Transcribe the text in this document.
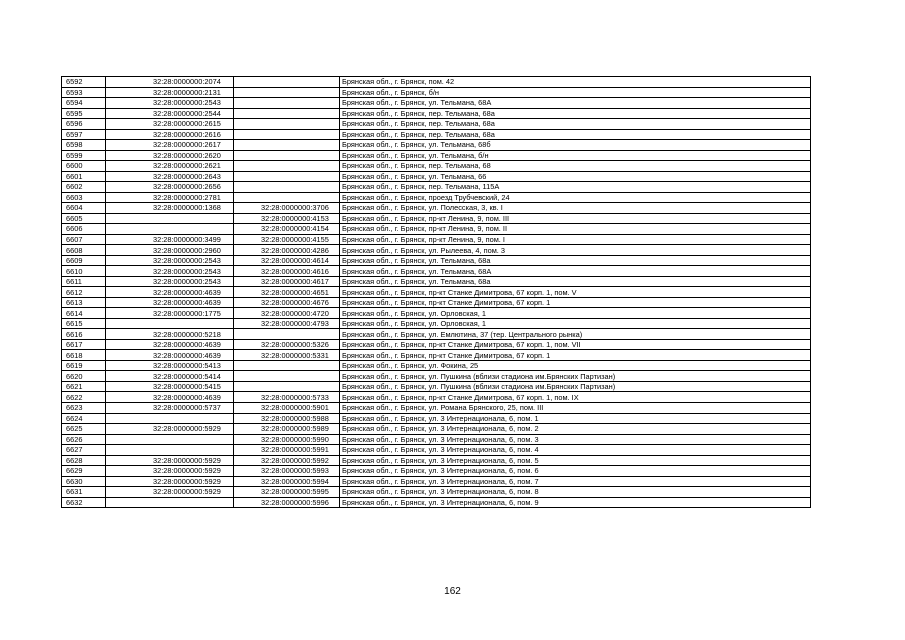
6592	32:28:0000000:2074		Брянская обл., г. Брянск, пом. 42
6593	32:28:0000000:2131		Брянская обл., г. Брянск, б/н
6594	32:28:0000000:2543		Брянская обл., г. Брянск, ул. Тельмана, 68А
6595	32:28:0000000:2544		Брянская обл., г. Брянск, пер. Тельмана, 68а
6596	32:28:0000000:2615		Брянская обл., г. Брянск, пер. Тельмана, 68а
6597	32:28:0000000:2616		Брянская обл., г. Брянск, пер. Тельмана, 68а
6598	32:28:0000000:2617		Брянская обл., г. Брянск, ул. Тельмана, 68б
6599	32:28:0000000:2620		Брянская обл., г. Брянск, ул. Тельмана, б/н
6600	32:28:0000000:2621		Брянская обл., г. Брянск, пер. Тельмана, 68
6601	32:28:0000000:2643		Брянская обл., г. Брянск, ул. Тельмана, 66
6602	32:28:0000000:2656		Брянская обл., г. Брянск, пер. Тельмана, 115А
6603	32:28:0000000:2781		Брянская обл., г. Брянск, проезд Трубчевский, 24
6604	32:28:0000000:1368	32:28:0000000:3706	Брянская обл., г. Брянск, ул. Полесская, 3, кв. I
6605		32:28:0000000:4153	Брянская обл., г. Брянск, пр-кт Ленина, 9, пом. III
6606		32:28:0000000:4154	Брянская обл., г. Брянск, пр-кт Ленина, 9, пом. II
6607	32:28:0000000:3499	32:28:0000000:4155	Брянская обл., г. Брянск, пр-кт Ленина, 9, пом. I
6608	32:28:0000000:2960	32:28:0000000:4286	Брянская обл., г. Брянск, ул. Рылеева, 4, пом. 3
6609	32:28:0000000:2543	32:28:0000000:4614	Брянская обл., г. Брянск, ул. Тельмана, 68а
6610	32:28:0000000:2543	32:28:0000000:4616	Брянская обл., г. Брянск, ул. Тельмана, 68А
6611	32:28:0000000:2543	32:28:0000000:4617	Брянская обл., г. Брянск, ул. Тельмана, 68а
6612	32:28:0000000:4639	32:28:0000000:4651	Брянская обл., г. Брянск, пр-кт Станке Димитрова, 67 корп. 1, пом. V
6613	32:28:0000000:4639	32:28:0000000:4676	Брянская обл., г. Брянск, пр-кт Станке Димитрова, 67 корп. 1
6614	32:28:0000000:1775	32:28:0000000:4720	Брянская обл., г. Брянск, ул. Орловская, 1
6615		32:28:0000000:4793	Брянская обл., г. Брянск, ул. Орловская, 1
6616	32:28:0000000:5218		Брянская обл., г. Брянск, ул. Емлютина, 37 (тер. Центрального рынка)
6617	32:28:0000000:4639	32:28:0000000:5326	Брянская обл., г. Брянск, пр-кт Станке Димитрова, 67 корп. 1, пом. VII
6618	32:28:0000000:4639	32:28:0000000:5331	Брянская обл., г. Брянск, пр-кт Станке Димитрова, 67 корп. 1
6619	32:28:0000000:5413		Брянская обл., г. Брянск, ул. Фокина, 25
6620	32:28:0000000:5414		Брянская обл., г. Брянск, ул. Пушкина (вблизи стадиона им.Брянских Партизан)
6621	32:28:0000000:5415		Брянская обл., г. Брянск, ул. Пушкина (вблизи стадиона им.Брянских Партизан)
6622	32:28:0000000:4639	32:28:0000000:5733	Брянская обл., г. Брянск, пр-кт Станке Димитрова, 67 корп. 1, пом. IX
6623	32:28:0000000:5737	32:28:0000000:5901	Брянская обл., г. Брянск, ул. Романа Брянского, 25, пом. III
6624		32:28:0000000:5988	Брянская обл., г. Брянск, ул. 3 Интернационала, 6, пом. 1
6625	32:28:0000000:5929	32:28:0000000:5989	Брянская обл., г. Брянск, ул. 3 Интернационала, 6, пом. 2
6626		32:28:0000000:5990	Брянская обл., г. Брянск, ул. 3 Интернационала, 6, пом. 3
6627		32:28:0000000:5991	Брянская обл., г. Брянск, ул. 3 Интернационала, 6, пом. 4
6628	32:28:0000000:5929	32:28:0000000:5992	Брянская обл., г. Брянск, ул. 3 Интернационала, 6, пом. 5
6629	32:28:0000000:5929	32:28:0000000:5993	Брянская обл., г. Брянск, ул. 3 Интернационала, 6, пом. 6
6630	32:28:0000000:5929	32:28:0000000:5994	Брянская обл., г. Брянск, ул. 3 Интернационала, 6, пом. 7
6631	32:28:0000000:5929	32:28:0000000:5995	Брянская обл., г. Брянск, ул. 3 Интернационала, 6, пом. 8
6632		32:28:0000000:5996	Брянская обл., г. Брянск, ул. 3 Интернационала, 6, пом. 9
162
